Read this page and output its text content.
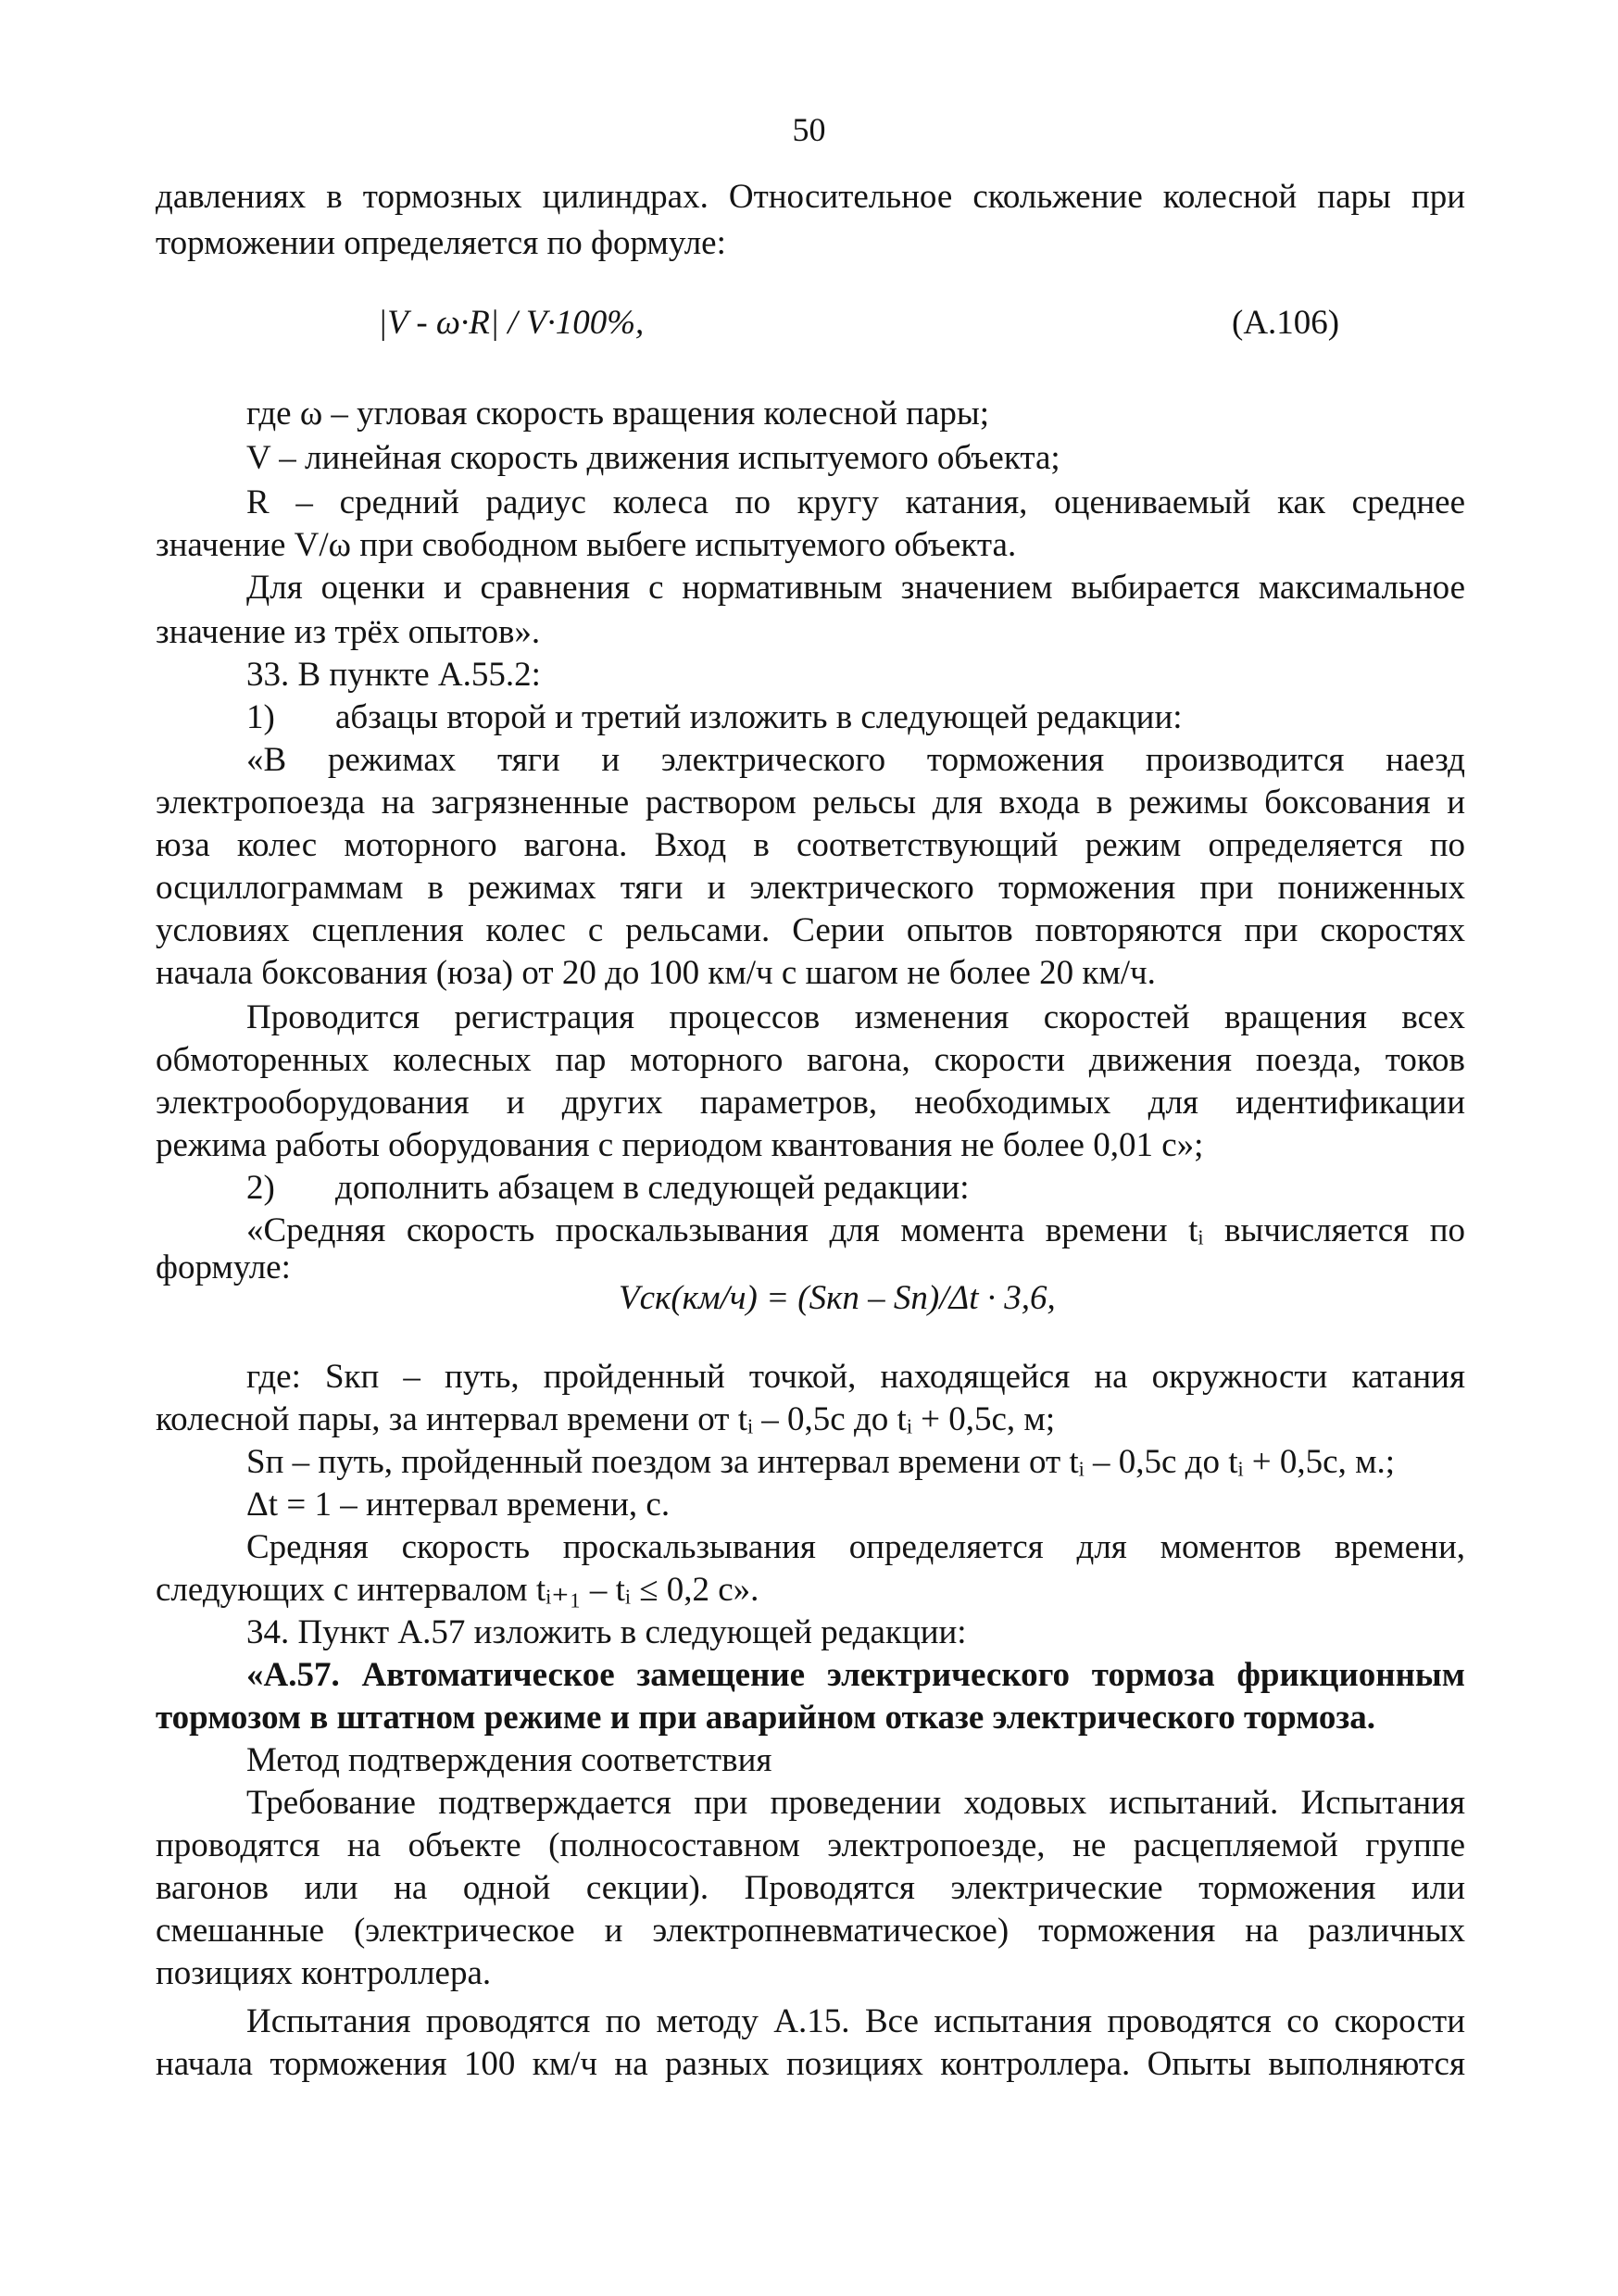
50

давлениях в тормозных цилиндрах. Относительное скольжение колесной пары при

торможении определяется по формуле:

|V - ω·R| / V·100%,	(А.106)

где ω – угловая скорость вращения колесной пары;

V – линейная скорость движения испытуемого объекта;

R – средний радиус колеса по кругу катания, оцениваемый как среднее

значение V/ω при свободном выбеге испытуемого объекта.

Для оценки и сравнения с нормативным значением выбирается максимальное

значение из трёх опытов».

33. В пункте А.55.2:

1) абзацы второй и третий изложить в следующей редакции:

«В режимах тяги и электрического торможения производится наезд

электропоезда на загрязненные раствором рельсы для входа в режимы боксования и

юза колес моторного вагона. Вход в соответствующий режим определяется по

осциллограммам в режимах тяги и электрического торможения при пониженных

условиях сцепления колес с рельсами. Серии опытов повторяются при скоростях

начала боксования (юза) от 20 до 100 км/ч с шагом не более 20 км/ч.

Проводится регистрация процессов изменения скоростей вращения всех

обмоторенных колесных пар моторного вагона, скорости движения поезда, токов

электрооборудования и других параметров, необходимых для идентификации

режима работы оборудования с периодом квантования не более 0,01 с»;

2) дополнить абзацем в следующей редакции:

«Средняя скорость проскальзывания для момента времени tᵢ вычисляется по

формуле:

Vск(км/ч) = (Sкп – Sп)/Δt · 3,6,

где: Sкп – путь, пройденный точкой, находящейся на окружности катания

колесной пары, за интервал времени от tᵢ – 0,5с до tᵢ + 0,5с, м;

Sп – путь, пройденный поездом за интервал времени от tᵢ – 0,5с до tᵢ + 0,5с, м.;

Δt = 1 – интервал времени, с.

Средняя скорость проскальзывания определяется для моментов времени,

следующих с интервалом tᵢ₊₁ – tᵢ ≤ 0,2 с».

34. Пункт А.57 изложить в следующей редакции:

«А.57. Автоматическое замещение электрического тормоза фрикционным

тормозом в штатном режиме и при аварийном отказе электрического тормоза.

Метод подтверждения соответствия

Требование подтверждается при проведении ходовых испытаний. Испытания

проводятся на объекте (полносоставном электропоезде, не расцепляемой группе

вагонов или на одной секции). Проводятся электрические торможения или

смешанные (электрическое и электропневматическое) торможения на различных

позициях контроллера.

Испытания проводятся по методу А.15. Все испытания проводятся со скорости

начала торможения 100 км/ч на разных позициях контроллера. Опыты выполняются
